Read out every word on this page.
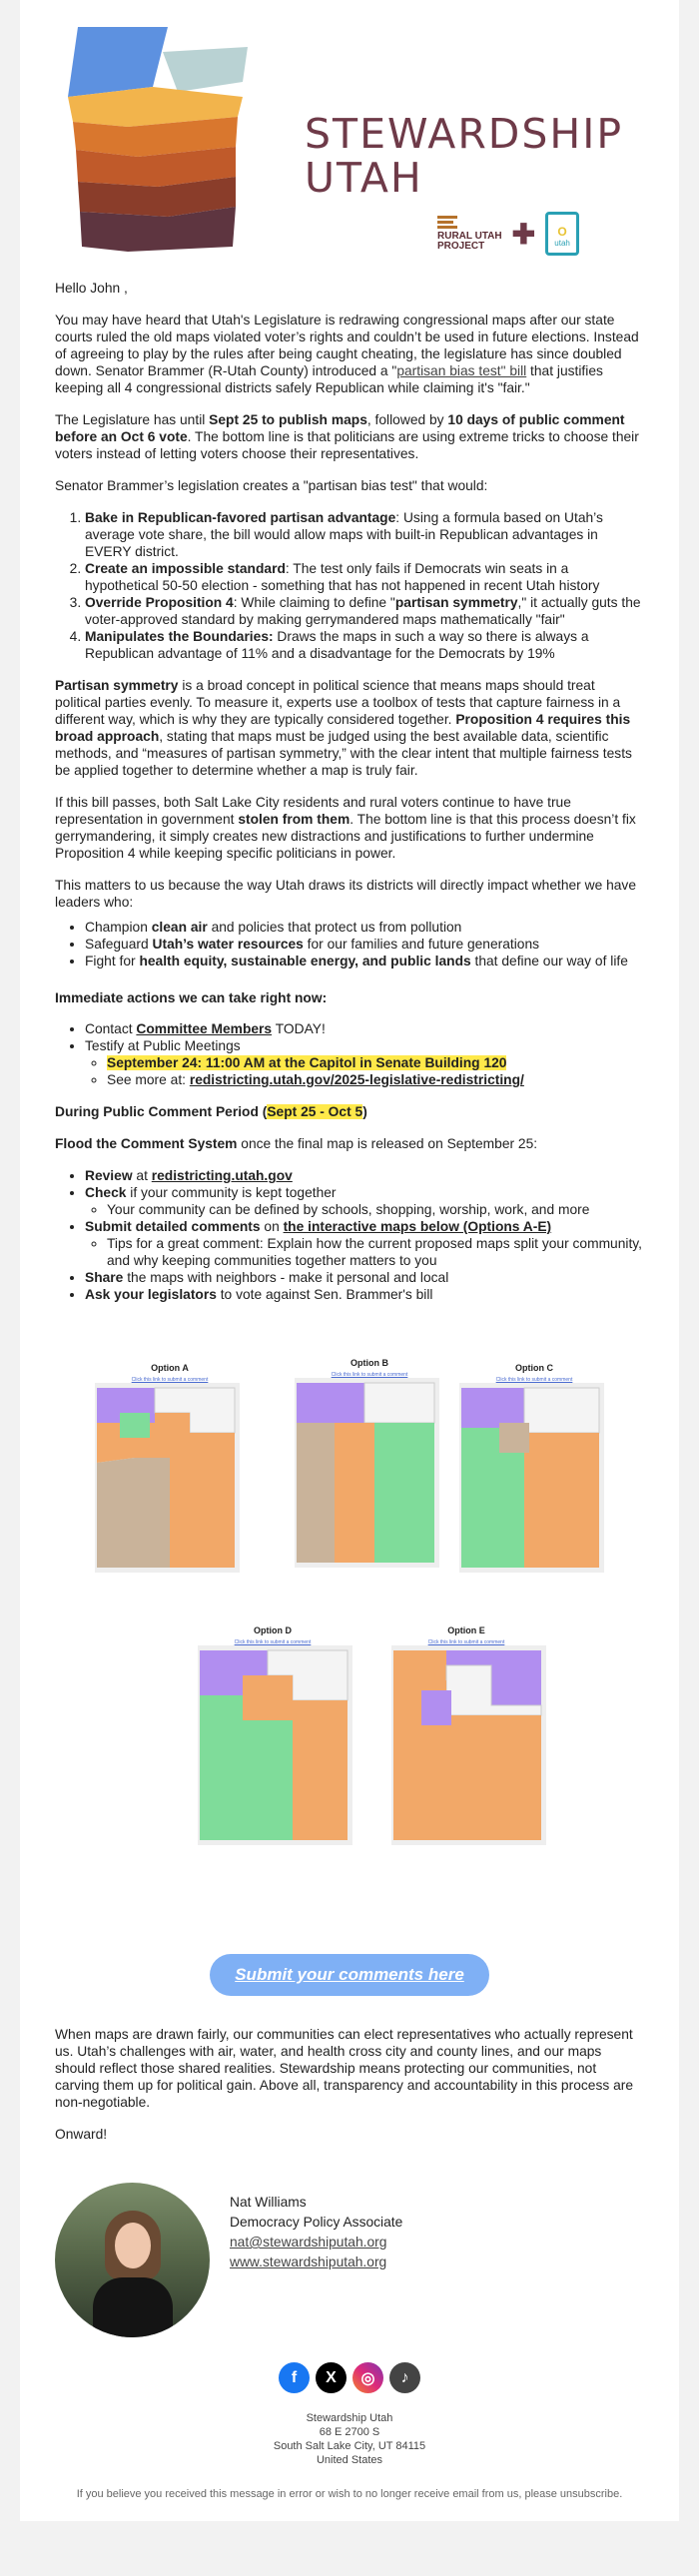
STEWARDSHIP
UTAH
RURAL UTAH
PROJECT ✚	O
utah

Hello John ,

You may have heard that Utah's Legislature is redrawing congressional maps after our state courts ruled the old maps violated voter’s rights and couldn’t be used in future elections. Instead of agreeing to play by the rules after being caught cheating, the legislature has since doubled down. Senator Brammer (R-Utah County) introduced a "partisan bias test" bill that justifies keeping all 4 congressional districts safely Republican while claiming it's "fair."

The Legislature has until Sept 25 to publish maps, followed by 10 days of public comment before an Oct 6 vote. The bottom line is that politicians are using extreme tricks to choose their voters instead of letting voters choose their representatives.

Senator Brammer’s legislation creates a "partisan bias test" that would:

1. Bake in Republican-favored partisan advantage: Using a formula based on Utah’s average vote share, the bill would allow maps with built-in Republican advantages in EVERY district.
2. Create an impossible standard: The test only fails if Democrats win seats in a hypothetical 50-50 election - something that has not happened in recent Utah history
3. Override Proposition 4: While claiming to define "partisan symmetry," it actually guts the voter-approved standard by making gerrymandered maps mathematically "fair"
4. Manipulates the Boundaries: Draws the maps in such a way so there is always a Republican advantage of 11% and a disadvantage for the Democrats by 19%

Partisan symmetry is a broad concept in political science that means maps should treat political parties evenly. To measure it, experts use a toolbox of tests that capture fairness in a different way, which is why they are typically considered together. Proposition 4 requires this broad approach, stating that maps must be judged using the best available data, scientific methods, and “measures of partisan symmetry,” with the clear intent that multiple fairness tests be applied together to determine whether a map is truly fair.

If this bill passes, both Salt Lake City residents and rural voters continue to have true representation in government stolen from them. The bottom line is that this process doesn’t fix gerrymandering, it simply creates new distractions and justifications to further undermine Proposition 4 while keeping specific politicians in power.

This matters to us because the way Utah draws its districts will directly impact whether we have leaders who:

• Champion clean air and policies that protect us from pollution
• Safeguard Utah’s water resources for our families and future generations
• Fight for health equity, sustainable energy, and public lands that define our way of life

Immediate actions we can take right now:

• Contact Committee Members TODAY!
• Testify at Public Meetings
◦ September 24: 11:00 AM at the Capitol in Senate Building 120
◦ See more at: redistricting.utah.gov/2025-legislative-redistricting/

During Public Comment Period (Sept 25 - Oct 5)

Flood the Comment System once the final map is released on September 25:

• Review at redistricting.utah.gov
• Check if your community is kept together
◦ Your community can be defined by schools, shopping, worship, work, and more
• Submit detailed comments on the interactive maps below (Options A-E)
◦ Tips for a great comment: Explain how the current proposed maps split your community, and why keeping communities together matters to you
• Share the maps with neighbors - make it personal and local
• Ask your legislators to vote against Sen. Brammer's bill
Option A
Click this link to submit a comment
Option B
Click this link to submit a comment
Option C
Click this link to submit a comment
Option D
Click this link to submit a comment
Option E
Click this link to submit a comment
Submit your comments here

When maps are drawn fairly, our communities can elect representatives who actually represent us. Utah’s challenges with air, water, and health cross city and county lines, and our maps should reflect those shared realities. Stewardship means protecting our communities, not carving them up for political gain. Above all, transparency and accountability in this process are non-negotiable.

Onward!

Nat Williams
Democracy Policy Associate
nat@stewardshiputah.org
www.stewardshiputah.org
f	X	◎	♪
Stewardship Utah
68 E 2700 S
South Salt Lake City, UT 84115
United States
If you believe you received this message in error or wish to no longer receive email from us, please unsubscribe.
